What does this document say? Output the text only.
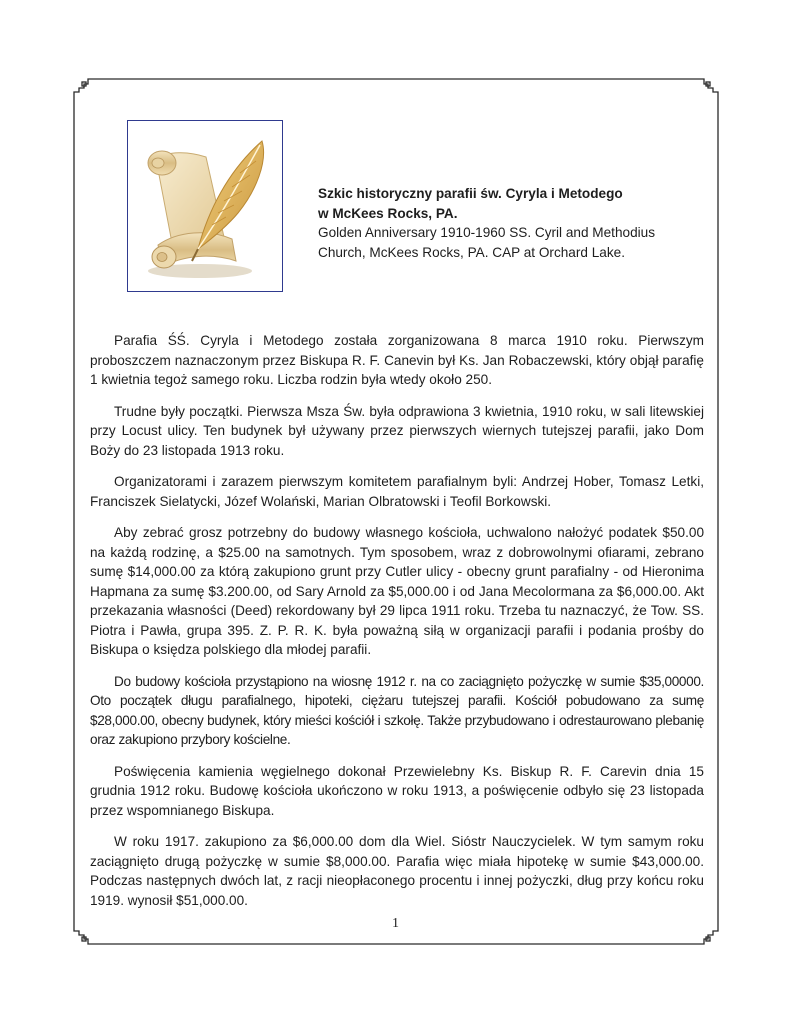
Szkic historyczny parafii św. Cyryla i Metodego
w McKees Rocks, PA.
Golden Anniversary 1910-1960 SS. Cyril and Methodius
Church, McKees Rocks, PA. CAP at Orchard Lake.

Parafia ŚŚ. Cyryla i Metodego została zorganizowana 8 marca 1910 roku. Pierwszym proboszczem naznaczonym przez Biskupa R. F. Canevin był Ks. Jan Robaczewski, który objął parafię 1 kwietnia tegoż samego roku. Liczba rodzin była wtedy około 250.

Trudne były początki. Pierwsza Msza Św. była odprawiona 3 kwietnia, 1910 roku, w sali litewskiej przy Locust ulicy. Ten budynek był używany przez pierwszych wiernych tutejszej parafii, jako Dom Boży do 23 listopada 1913 roku.

Organizatorami i zarazem pierwszym komitetem parafialnym byli: Andrzej Hober, Tomasz Letki, Franciszek Sielatycki, Józef Wolański, Marian Olbratowski i Teofil Borkowski.

Aby zebrać grosz potrzebny do budowy własnego kościoła, uchwalono nałożyć podatek $50.00 na każdą rodzinę, a $25.00 na samotnych. Tym sposobem, wraz z dobrowolnymi ofiarami, zebrano sumę $14,000.00 za którą zakupiono grunt przy Cutler ulicy - obecny grunt parafialny - od Hieronima Hapmana za sumę $3.200.00, od Sary Arnold za $5,000.00 i od Jana Mecolormana za $6,000.00. Akt przekazania własności (Deed) rekordowany był 29 lipca 1911 roku. Trzeba tu naznaczyć, że Tow. SS. Piotra i Pawła, grupa 395. Z. P. R. K. była poważną siłą w organizacji parafii i podania prośby do Biskupa o księdza polskiego dla młodej parafii.

Do budowy kościoła przystąpiono na wiosnę 1912 r. na co zaciągnięto pożyczkę w sumie $35,00000. Oto początek długu parafialnego, hipoteki, ciężaru tutejszej parafii. Kościół pobudowano za sumę $28,000.00, obecny budynek, który mieści kościół i szkołę. Także przybudowano i odrestaurowano plebanię oraz zakupiono przybory kościelne.

Poświęcenia kamienia węgielnego dokonał Przewielebny Ks. Biskup R. F. Carevin dnia 15 grudnia 1912 roku. Budowę kościoła ukończono w roku 1913, a poświęcenie odbyło się 23 listopada przez wspomnianego Biskupa.

W roku 1917. zakupiono za $6,000.00 dom dla Wiel. Sióstr Nauczycielek. W tym samym roku zaciągnięto drugą pożyczkę w sumie $8,000.00. Parafia więc miała hipotekę w sumie $43,000.00. Podczas następnych dwóch lat, z racji nieopłaconego procentu i innej pożyczki, dług przy końcu roku 1919. wynosił $51,000.00.

1
